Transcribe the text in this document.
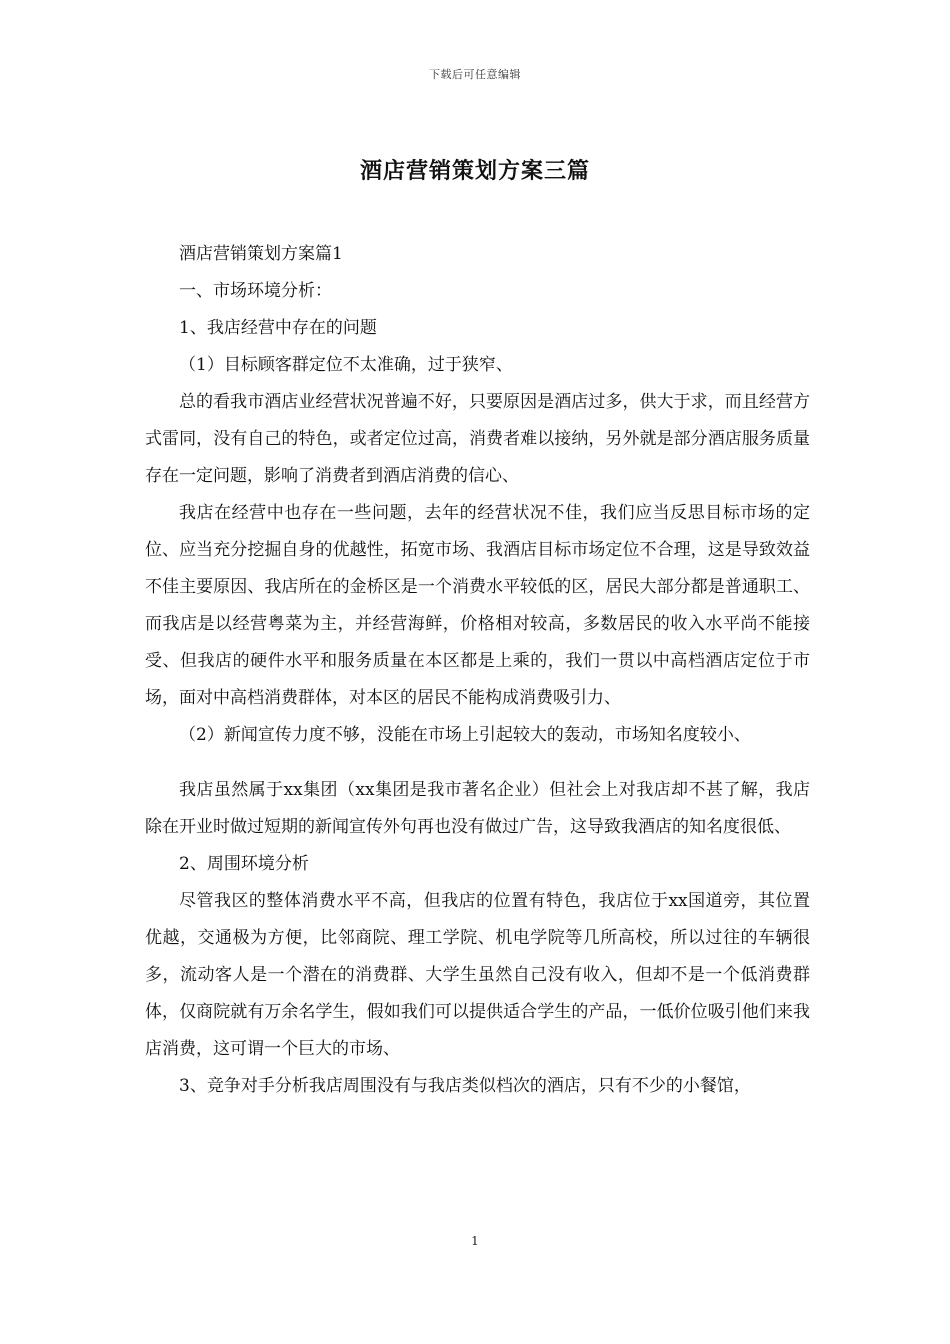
下载后可任意编辑
酒店营销策划方案三篇

酒店营销策划方案篇1

一、市场环境分析：

1、我店经营中存在的问题

（1）目标顾客群定位不太准确，过于狭窄、

总的看我市酒店业经营状况普遍不好，只要原因是酒店过多，供大于求，而且经营方式雷同，没有自己的特色，或者定位过高，消费者难以接纳，另外就是部分酒店服务质量存在一定问题，影响了消费者到酒店消费的信心、

我店在经营中也存在一些问题，去年的经营状况不佳，我们应当反思目标市场的定位、应当充分挖掘自身的优越性，拓宽市场、我酒店目标市场定位不合理，这是导致效益不佳主要原因、我店所在的金桥区是一个消费水平较低的区，居民大部分都是普通职工、而我店是以经营粤菜为主，并经营海鲜，价格相对较高，多数居民的收入水平尚不能接受、但我店的硬件水平和服务质量在本区都是上乘的，我们一贯以中高档酒店定位于市场，面对中高档消费群体，对本区的居民不能构成消费吸引力、

（2）新闻宣传力度不够，没能在市场上引起较大的轰动，市场知名度较小、

我店虽然属于xx集团（xx集团是我市著名企业）但社会上对我店却不甚了解，我店除在开业时做过短期的新闻宣传外句再也没有做过广告，这导致我酒店的知名度很低、

2、周围环境分析

尽管我区的整体消费水平不高，但我店的位置有特色，我店位于xx国道旁，其位置优越，交通极为方便，比邻商院、理工学院、机电学院等几所高校，所以过往的车辆很多，流动客人是一个潜在的消费群、大学生虽然自己没有收入，但却不是一个低消费群体，仅商院就有万余名学生，假如我们可以提供适合学生的产品，一低价位吸引他们来我店消费，这可谓一个巨大的市场、

3、竞争对手分析我店周围没有与我店类似档次的酒店，只有不少的小餐馆，

1
